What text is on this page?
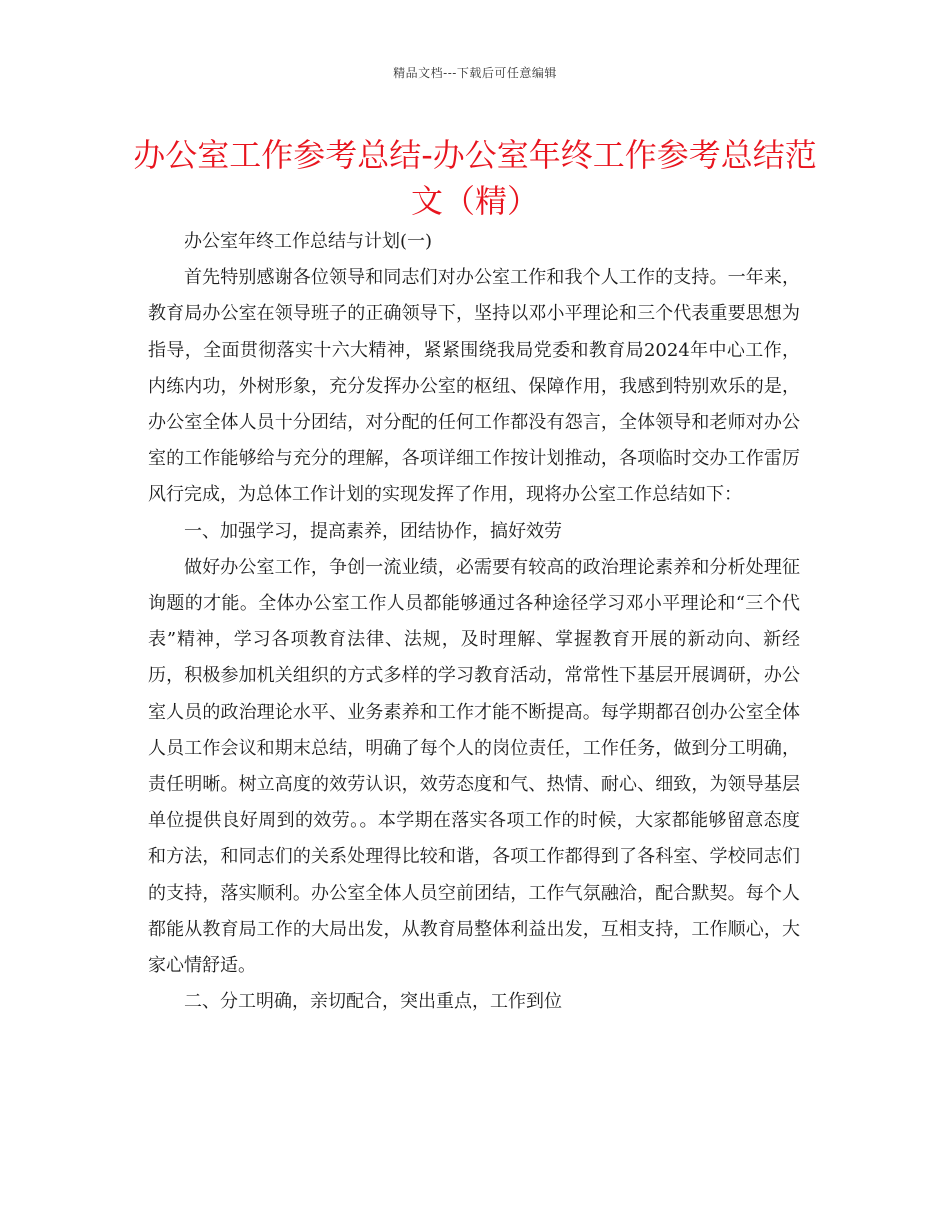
精品文档---下载后可任意编辑
办公室工作参考总结-办公室年终工作参考总结范文（精）

办公室年终工作总结与计划(一)

首先特别感谢各位领导和同志们对办公室工作和我个人工作的支持。一年来，教育局办公室在领导班子的正确领导下，坚持以邓小平理论和三个代表重要思想为指导，全面贯彻落实十六大精神，紧紧围绕我局党委和教育局2024年中心工作，内练内功，外树形象，充分发挥办公室的枢纽、保障作用，我感到特别欢乐的是，办公室全体人员十分团结，对分配的任何工作都没有怨言，全体领导和老师对办公室的工作能够给与充分的理解，各项详细工作按计划推动，各项临时交办工作雷厉风行完成，为总体工作计划的实现发挥了作用，现将办公室工作总结如下：

一、加强学习，提高素养，团结协作，搞好效劳

做好办公室工作，争创一流业绩，必需要有较高的政治理论素养和分析处理征询题的才能。全体办公室工作人员都能够通过各种途径学习邓小平理论和“三个代表”精神，学习各项教育法律、法规，及时理解、掌握教育开展的新动向、新经历，积极参加机关组织的方式多样的学习教育活动，常常性下基层开展调研，办公室人员的政治理论水平、业务素养和工作才能不断提高。每学期都召创办公室全体人员工作会议和期末总结，明确了每个人的岗位责任，工作任务，做到分工明确，责任明晰。树立高度的效劳认识，效劳态度和气、热情、耐心、细致，为领导基层单位提供良好周到的效劳。。本学期在落实各项工作的时候，大家都能够留意态度和方法，和同志们的关系处理得比较和谐，各项工作都得到了各科室、学校同志们的支持，落实顺利。办公室全体人员空前团结，工作气氛融洽，配合默契。每个人都能从教育局工作的大局出发，从教育局整体利益出发，互相支持，工作顺心，大家心情舒适。

二、分工明确，亲切配合，突出重点，工作到位
